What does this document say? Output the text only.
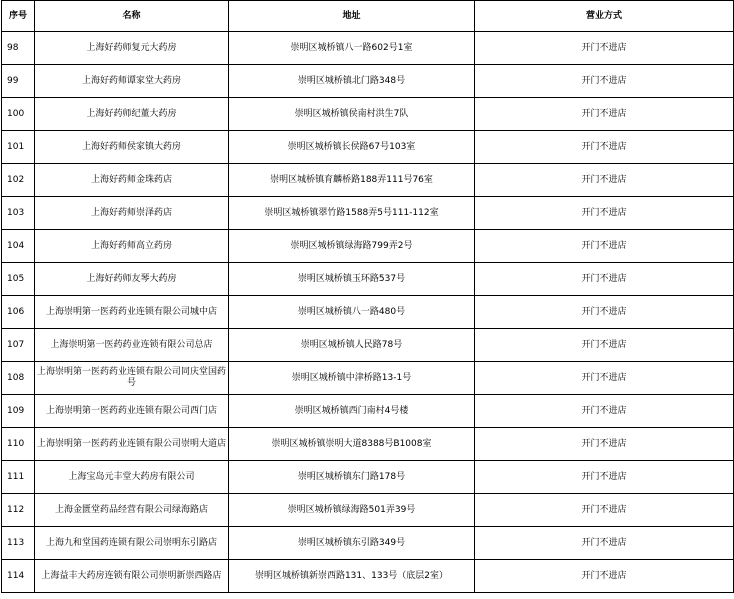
序号	名称	地址	营业方式
98	上海好药师复元大药房	崇明区城桥镇八一路602号1室	开门不进店
99	上海好药师谭家堂大药房	崇明区城桥镇北门路348号	开门不进店
100	上海好药师纪董大药房	崇明区城桥镇侯南村洪生7队	开门不进店
101	上海好药师侯家镇大药房	崇明区城桥镇长侯路67号103室	开门不进店
102	上海好药师金珠药店	崇明区城桥镇育麟桥路188弄111号76室	开门不进店
103	上海好药师崇泽药店	崇明区城桥镇翠竹路1588弄5号111-112室	开门不进店
104	上海好药师高立药房	崇明区城桥镇绿海路799弄2号	开门不进店
105	上海好药师友琴大药房	崇明区城桥镇玉环路537号	开门不进店
106	上海崇明第一医药药业连锁有限公司城中店	崇明区城桥镇八一路480号	开门不进店
107	上海崇明第一医药药业连锁有限公司总店	崇明区城桥镇人民路78号	开门不进店
108	上海崇明第一医药药业连锁有限公司同庆堂国药号	崇明区城桥镇中津桥路13-1号	开门不进店
109	上海崇明第一医药药业连锁有限公司西门店	崇明区城桥镇西门南村4号楼	开门不进店
110	上海崇明第一医药药业连锁有限公司崇明大道店	崇明区城桥镇崇明大道8388号B1008室	开门不进店
111	上海宝岛元丰堂大药房有限公司	崇明区城桥镇东门路178号	开门不进店
112	上海金匮堂药品经营有限公司绿海路店	崇明区城桥镇绿海路501弄39号	开门不进店
113	上海九和堂国药连锁有限公司崇明东引路店	崇明区城桥镇东引路349号	开门不进店
114	上海益丰大药房连锁有限公司崇明新崇西路店	崇明区城桥镇新崇西路131、133号（底层2室）	开门不进店
